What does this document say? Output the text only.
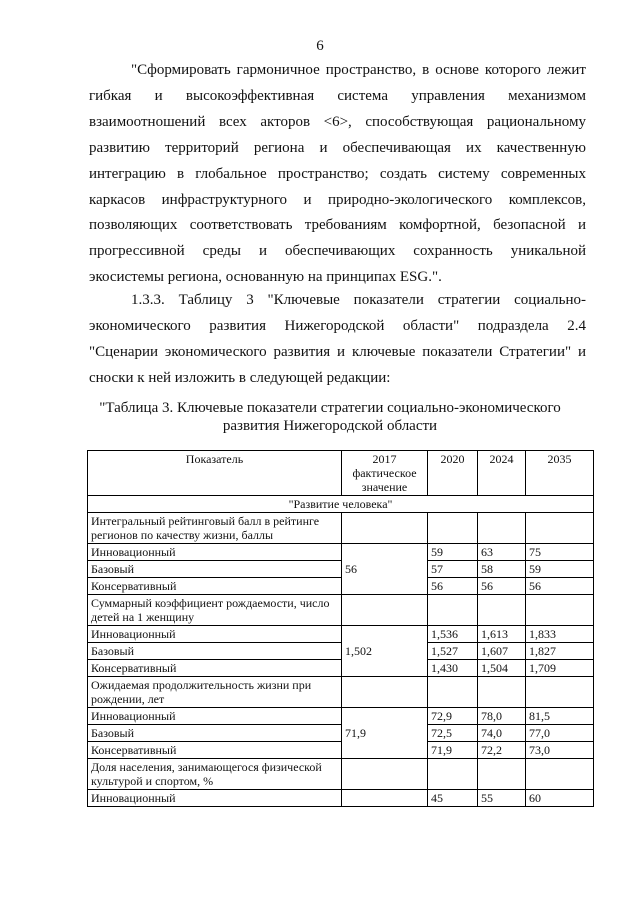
6
"Сформировать гармоничное пространство, в основе которого лежит
гибкая и высокоэффективная система управления механизмом
взаимоотношений всех акторов <6>, способствующая рациональному
развитию территорий региона и обеспечивающая их качественную
интеграцию в глобальное пространство; создать систему современных
каркасов инфраструктурного и природно-экологического комплексов,
позволяющих соответствовать требованиям комфортной, безопасной и
прогрессивной среды и обеспечивающих сохранность уникальной
экосистемы региона, основанную на принципах ESG.".
1.3.3. Таблицу 3 "Ключевые показатели стратегии социально-
экономического развития Нижегородской области" подраздела 2.4
"Сценарии экономического развития и ключевые показатели Стратегии" и
сноски к ней изложить в следующей редакции:
"Таблица 3. Ключевые показатели стратегии социально-экономического
развития Нижегородской области
Показатель	2017 фактическое значение	2020	2024	2035
"Развитие человека"				
Интегральный рейтинговый балл в рейтинге регионов по качеству жизни, баллы				
Инновационный	56	59	63	75
Базовый		57	58	59
Консервативный		56	56	56
Суммарный коэффициент рождаемости, число детей на 1 женщину				
Инновационный	1,502	1,536	1,613	1,833
Базовый		1,527	1,607	1,827
Консервативный		1,430	1,504	1,709
Ожидаемая продолжительность жизни при рождении, лет				
Инновационный	71,9	72,9	78,0	81,5
Базовый		72,5	74,0	77,0
Консервативный		71,9	72,2	73,0
Доля населения, занимающегося физической культурой и спортом, %				
Инновационный		45	55	60
